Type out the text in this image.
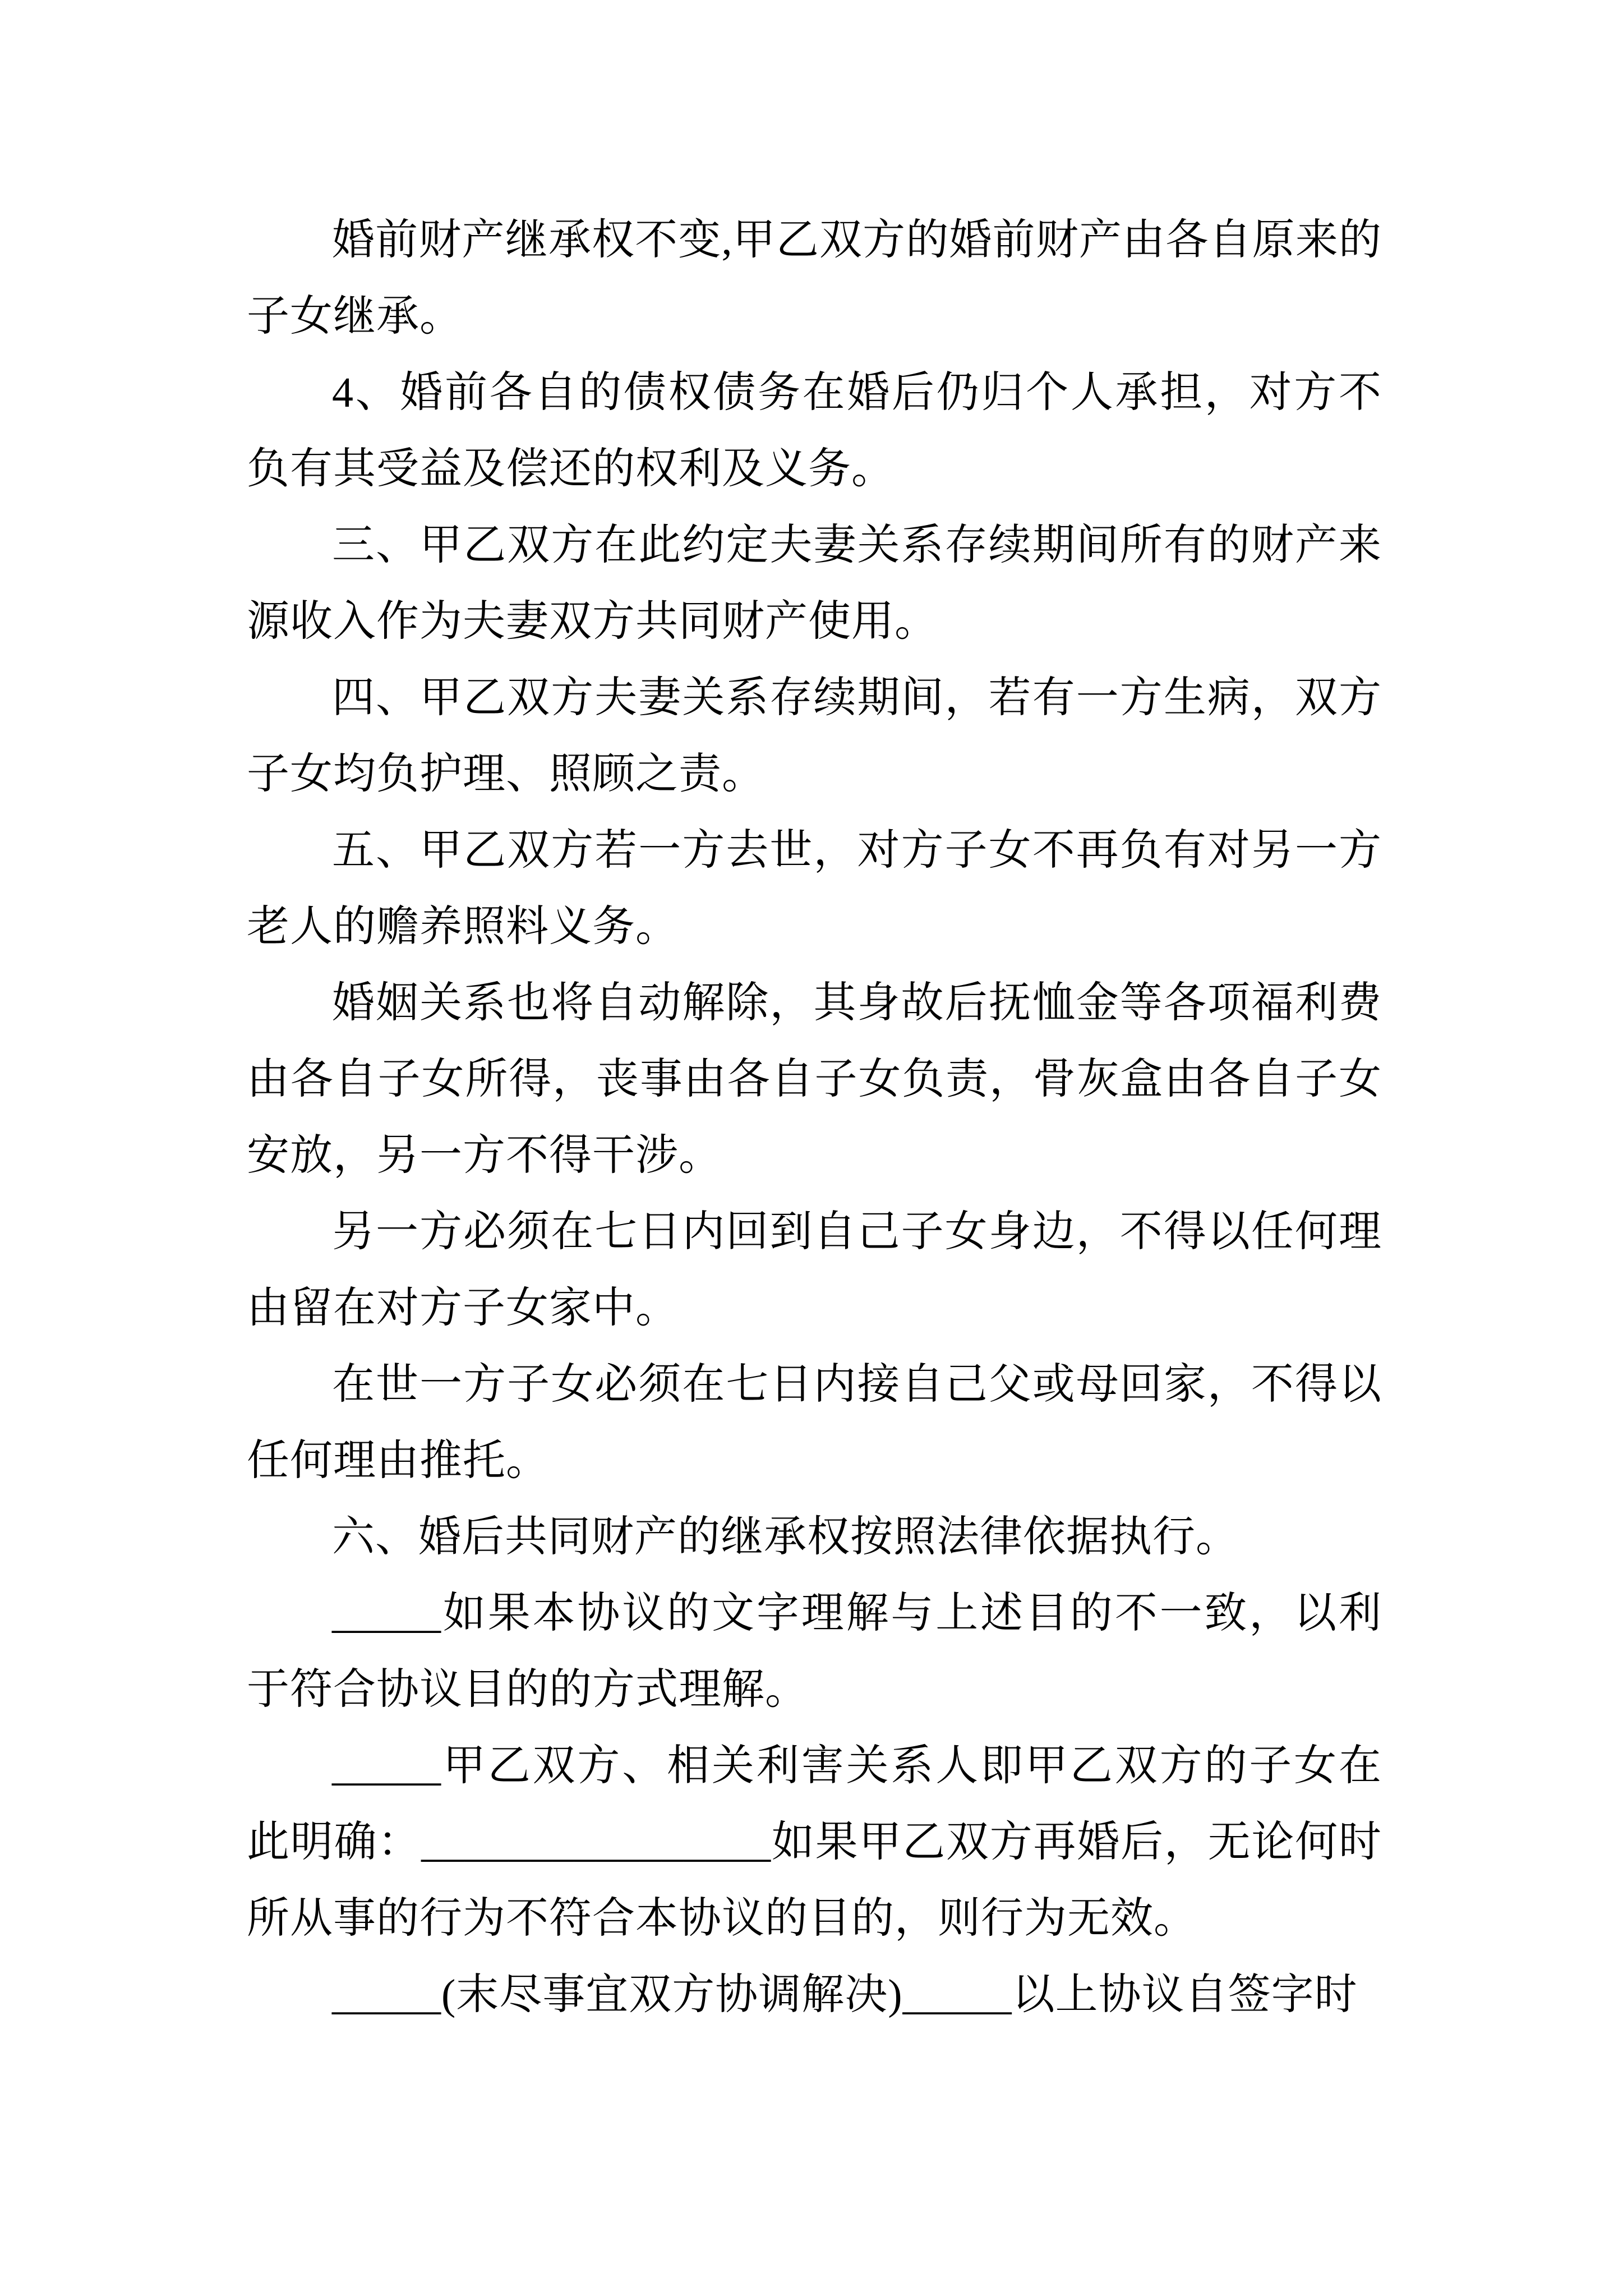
婚前财产继承权不变,甲乙双方的婚前财产由各自原来的子女继承。

4、婚前各自的债权债务在婚后仍归个人承担，对方不负有其受益及偿还的权利及义务。

三、甲乙双方在此约定夫妻关系存续期间所有的财产来源收入作为夫妻双方共同财产使用。

四、甲乙双方夫妻关系存续期间，若有一方生病，双方子女均负护理、照顾之责。

五、甲乙双方若一方去世，对方子女不再负有对另一方老人的赡养照料义务。

婚姻关系也将自动解除，其身故后抚恤金等各项福利费由各自子女所得，丧事由各自子女负责，骨灰盒由各自子女安放，另一方不得干涉。

另一方必须在七日内回到自己子女身边，不得以任何理由留在对方子女家中。

在世一方子女必须在七日内接自己父或母回家，不得以任何理由推托。

六、婚后共同财产的继承权按照法律依据执行。

_____如果本协议的文字理解与上述目的不一致，以利于符合协议目的的方式理解。

_____甲乙双方、相关利害关系人即甲乙双方的子女在此明确：________________如果甲乙双方再婚后，无论何时所从事的行为不符合本协议的目的，则行为无效。

_____(末尽事宜双方协调解决)_____以上协议自签字时
